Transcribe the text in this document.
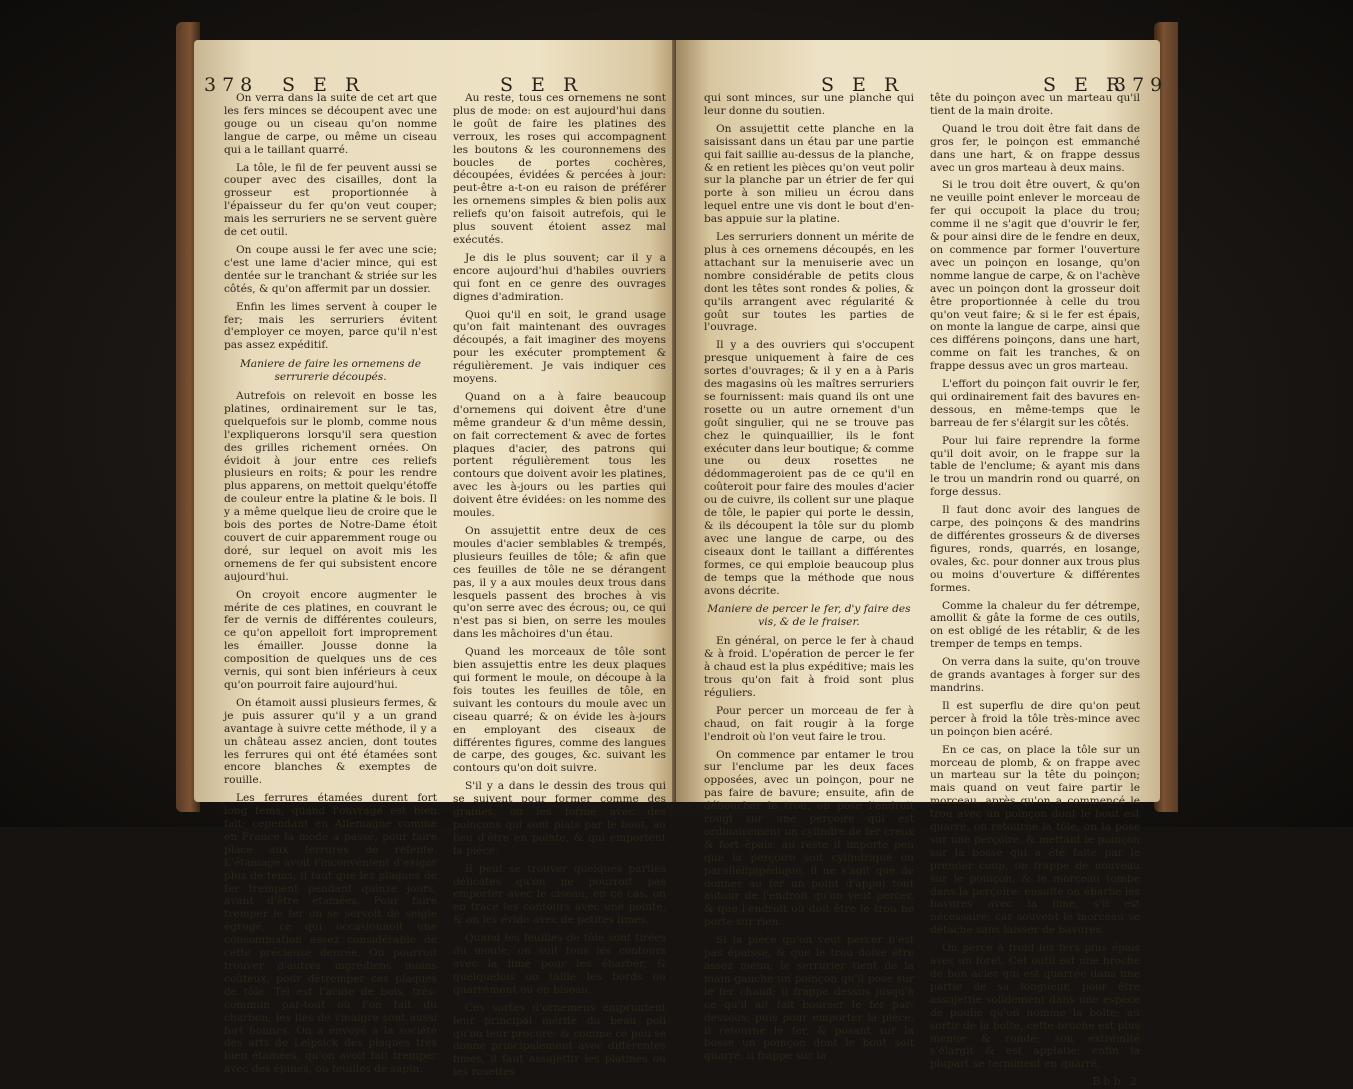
378 S E R	S E R

On verra dans la suite de cet art que les fers minces se découpent avec une gouge ou un ciseau qu'on nomme langue de carpe, ou même un ciseau qui a le taillant quarré.

La tôle, le fil de fer peuvent aussi se couper avec des cisailles, dont la grosseur est proportionnée à l'épaisseur du fer qu'on veut couper; mais les serruriers ne se servent guère de cet outil.

On coupe aussi le fer avec une scie; c'est une lame d'acier mince, qui est dentée sur le tranchant & striée sur les côtés, & qu'on affermit par un dossier.

Enfin les limes servent à couper le fer; mais les serruriers évitent d'employer ce moyen, parce qu'il n'est pas assez expéditif.

Maniere de faire les ornemens de serrurerie découpés.

Autrefois on relevoit en bosse les platines, ordinairement sur le tas, quelquefois sur le plomb, comme nous l'expliquerons lorsqu'il sera question des grilles richement ornées. On évidoit à jour entre ces reliefs plusieurs en roits; & pour les rendre plus apparens, on mettoit quelqu'étoffe de couleur entre la platine & le bois. Il y a même quelque lieu de croire que le bois des portes de Notre-Dame étoit couvert de cuir apparemment rouge ou doré, sur lequel on avoit mis les ornemens de fer qui subsistent encore aujourd'hui.

On croyoit encore augmenter le mérite de ces platines, en couvrant le fer de vernis de différentes couleurs, ce qu'on appelloit fort improprement les émailler. Jousse donne la composition de quelques uns de ces vernis, qui sont bien inférieurs à ceux qu'on pourroit faire aujourd'hui.

On étamoit aussi plusieurs fermes, & je puis assurer qu'il y a un grand avantage à suivre cette méthode, il y a un château assez ancien, dont toutes les ferrures qui ont été étamées sont encore blanches & exemptes de rouille.

Les ferrures étamées durent fort long tems, quand l'ouvrage est bien fait; cependant en Allemagne comme en France la mode a passé, pour faire place aux ferrures de refente. L'étamage avoit l'inconvénient d'exiger plus de tems; il faut que les plaques de fer trempent pendant quinze jours, avant d'être étamées. Pour faire tremper le fer on se servoit de seigle égrugé, ce qui occasionnoit une consommation assez considérable de cette précieuse denrée. On pourroit trouver d'autres ingrédiens moins coûteux, pour détremper ces plaques de tôle. Tel est l'acide de bois, très-commun par-tout où l'on fait du charbon; les lies de vinaigre sont aussi fort bonnes. On a envoyé à la société des arts de Leipsick des plaques très bien étamées, qu'on avoit fait tremper avec des épines, ou feuilles de sapin.

Au reste, tous ces ornemens ne sont plus de mode: on est aujourd'hui dans le goût de faire les platines des verroux, les roses qui accompagnent les boutons & les couronnemens des boucles de portes cochères, découpées, évidées & percées à jour: peut-être a-t-on eu raison de préférer les ornemens simples & bien polis aux reliefs qu'on faisoit autrefois, qui le plus souvent étoient assez mal exécutés.

Je dis le plus souvent; car il y a encore aujourd'hui d'habiles ouvriers qui font en ce genre des ouvrages dignes d'admiration.

Quoi qu'il en soit, le grand usage qu'on fait maintenant des ouvrages découpés, a fait imaginer des moyens pour les exécuter promptement & régulièrement. Je vais indiquer ces moyens.

Quand on a à faire beaucoup d'ornemens qui doivent être d'une même grandeur & d'un même dessin, on fait correctement & avec de fortes plaques d'acier, des patrons qui portent régulièrement tous les contours que doivent avoir les platines, avec les à-jours ou les parties qui doivent être évidées: on les nomme des moules.

On assujettit entre deux de ces moules d'acier semblables & trempés, plusieurs feuilles de tôle; & afin que ces feuilles de tôle ne se dérangent pas, il y a aux moules deux trous dans lesquels passent des broches à vis qu'on serre avec des écrous; ou, ce qui n'est pas si bien, on serre les moules dans les mâchoires d'un étau.

Quand les morceaux de tôle sont bien assujettis entre les deux plaques qui forment le moule, on découpe à la fois toutes les feuilles de tôle, en suivant les contours du moule avec un ciseau quarré; & on évide les à-jours en employant des ciseaux de différentes figures, comme des langues de carpe, des gouges, &c. suivant les contours qu'on doit suivre.

S'il y a dans le dessin des trous qui se suivent pour former comme des graines, on les forme avec des poinçons qui sont plats par le bout, au lieu d'être en pointe, & qui emportent la pièce.

Il peut se trouver quelques parties délicates qu'on ne pourroit pas emporter avec le ciseau; en ce cas, on en trace les contours avec une pointe, & on les évide avec de petites limes.

Quand les feuilles de tôle sont tirées du moule, on suit tous les contours avec la lime pour les ébarber, & quelquefois on taille les bords ou quarrément ou en biseau.

Ces sortes d'ornemens empruntent leur principal mérite du beau poli qu'on leur procure; & comme ce poli se donne principalement avec différentes limes, il faut assujettir les platines ou les rosettes

S E R	S E R
379

qui sont minces, sur une planche qui leur donne du soutien.

On assujettit cette planche en la saisissant dans un étau par une partie qui fait saillie au-dessus de la planche, & en retient les pièces qu'on veut polir sur la planche par un étrier de fer qui porte à son milieu un écrou dans lequel entre une vis dont le bout d'en-bas appuie sur la platine.

Les serruriers donnent un mérite de plus à ces ornemens découpés, en les attachant sur la menuiserie avec un nombre considérable de petits clous dont les têtes sont rondes & polies, & qu'ils arrangent avec régularité & goût sur toutes les parties de l'ouvrage.

Il y a des ouvriers qui s'occupent presque uniquement à faire de ces sortes d'ouvrages; & il y en a à Paris des magasins où les maîtres serruriers se fournissent: mais quand ils ont une rosette ou un autre ornement d'un goût singulier, qui ne se trouve pas chez le quinquaillier, ils le font exécuter dans leur boutique; & comme une ou deux rosettes ne dédommageroient pas de ce qu'il en coûteroit pour faire des moules d'acier ou de cuivre, ils collent sur une plaque de tôle, le papier qui porte le dessin, & ils découpent la tôle sur du plomb avec une langue de carpe, ou des ciseaux dont le taillant a différentes formes, ce qui emploie beaucoup plus de temps que la méthode que nous avons décrite.

Maniere de percer le fer, d'y faire des vis, & de le fraiser.

En général, on perce le fer à chaud & à froid. L'opération de percer le fer à chaud est la plus expéditive; mais les trous qu'on fait à froid sont plus réguliers.

Pour percer un morceau de fer à chaud, on fait rougir à la forge l'endroit où l'on veut faire le trou.

On commence par entamer le trou sur l'enclume par les deux faces opposées, avec un poinçon, pour ne pas faire de bavure; ensuite, afin de déboucher le trou, on pose l'endroit rougi sur une perçoire qui est ordinairement un cylindre de fer creux & fort épais: au reste il importe peu que la perçoire soit cylindrique ou parallélipipédique, il ne s'agit que de donner au fer un point d'appui tout autour de l'endroit qu'on veut percer, & que l'endroit où doit être le trou ne porte sur rien.

Si la pièce qu'on veut percer n'est pas épaisse, & que le trou doive être assez menu; le serrurier tient de la main gauche un poinçon qu'il pose sur le fer chaud; il frappe dessus jusqu'à ce qu'il ait fait bourser le fer par-dessous; puis pour emporter la pièce, il retourne le fer, & posant sur la bosse un poinçon dont le bout soit quarré, il frappe sur la

tête du poinçon avec un marteau qu'il tient de la main droite.

Quand le trou doit être fait dans de gros fer, le poinçon est emmanché dans une hart, & on frappe dessus avec un gros marteau à deux mains.

Si le trou doit être ouvert, & qu'on ne veuille point enlever le morceau de fer qui occupoit la place du trou; comme il ne s'agit que d'ouvrir le fer, & pour ainsi dire de le fendre en deux, on commence par former l'ouverture avec un poinçon en losange, qu'on nomme langue de carpe, & on l'achève avec un poinçon dont la grosseur doit être proportionnée à celle du trou qu'on veut faire; & si le fer est épais, on monte la langue de carpe, ainsi que ces différens poinçons, dans une hart, comme on fait les tranches, & on frappe dessus avec un gros marteau.

L'effort du poinçon fait ouvrir le fer, qui ordinairement fait des bavures en-dessous, en même-temps que le barreau de fer s'élargit sur les côtés.

Pour lui faire reprendre la forme qu'il doit avoir, on le frappe sur la table de l'enclume; & ayant mis dans le trou un mandrin rond ou quarré, on forge dessus.

Il faut donc avoir des langues de carpe, des poinçons & des mandrins de différentes grosseurs & de diverses figures, ronds, quarrés, en losange, ovales, &c. pour donner aux trous plus ou moins d'ouverture & différentes formes.

Comme la chaleur du fer détrempe, amollit & gâte la forme de ces outils, on est obligé de les rétablir, & de les tremper de temps en temps.

On verra dans la suite, qu'on trouve de grands avantages à forger sur des mandrins.

Il est superflu de dire qu'on peut percer à froid la tôle très-mince avec un poinçon bien acéré.

En ce cas, on place la tôle sur un morceau de plomb, & on frappe avec un marteau sur la tête du poinçon; mais quand on veut faire partir le morceau, après qu'on a commencé le trou avec un poinçon dont le bout est quarré, on retourne la tôle, on la pose sur une perçoire, & mettant le poinçon sur la bosse qui a été faite par le premier coup, on frappe de nouveau sur le poinçon, & le morceau tombe dans la perçoire: ensuite on ébarbe les bavures avec la lime, s'il est nécessaire; car souvent le morceau se détache sans laisser de bavures.

On perce à froid les fers plus épais avec un foret. Cet outil est une broche de bon acier qui est quarrée dans une partie de sa longueur, pour être assujettie solidement dans une espèce de poulie qu'on nomme la boîte; au sortir de la boîte, cette broche est plus menue & ronde; son extrémité s'élargit & est applatie; enfin la plupart se terminent en quarré,

Bbb 2
